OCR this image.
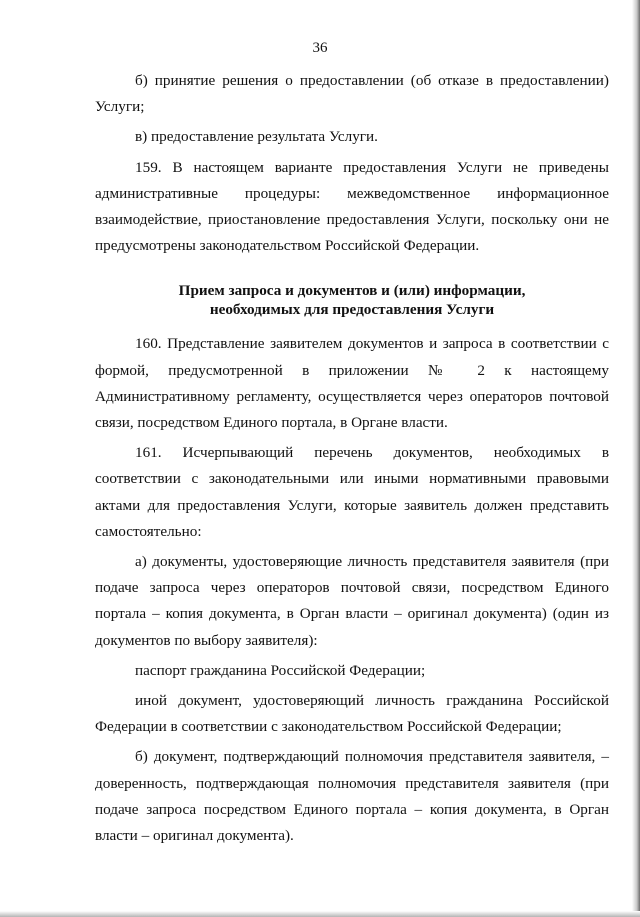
36

б) принятие решения о предоставлении (об отказе в предоставлении) Услуги;

в) предоставление результата Услуги.

159. В настоящем варианте предоставления Услуги не приведены административные процедуры: межведомственное информационное взаимодействие, приостановление предоставления Услуги, поскольку они не предусмотрены законодательством Российской Федерации.

Прием запроса и документов и (или) информации,
необходимых для предоставления Услуги

160. Представление заявителем документов и запроса в соответствии с формой, предусмотренной в приложении № 2 к настоящему Административному регламенту, осуществляется через операторов почтовой связи, посредством Единого портала, в Органе власти.

161. Исчерпывающий перечень документов, необходимых в соответствии с законодательными или иными нормативными правовыми актами для предоставления Услуги, которые заявитель должен представить самостоятельно:

а) документы, удостоверяющие личность представителя заявителя (при подаче запроса через операторов почтовой связи, посредством Единого портала – копия документа, в Орган власти – оригинал документа) (один из документов по выбору заявителя):

паспорт гражданина Российской Федерации;

иной документ, удостоверяющий личность гражданина Российской Федерации в соответствии с законодательством Российской Федерации;

б) документ, подтверждающий полномочия представителя заявителя, – доверенность, подтверждающая полномочия представителя заявителя (при подаче запроса посредством Единого портала – копия документа, в Орган власти – оригинал документа).
